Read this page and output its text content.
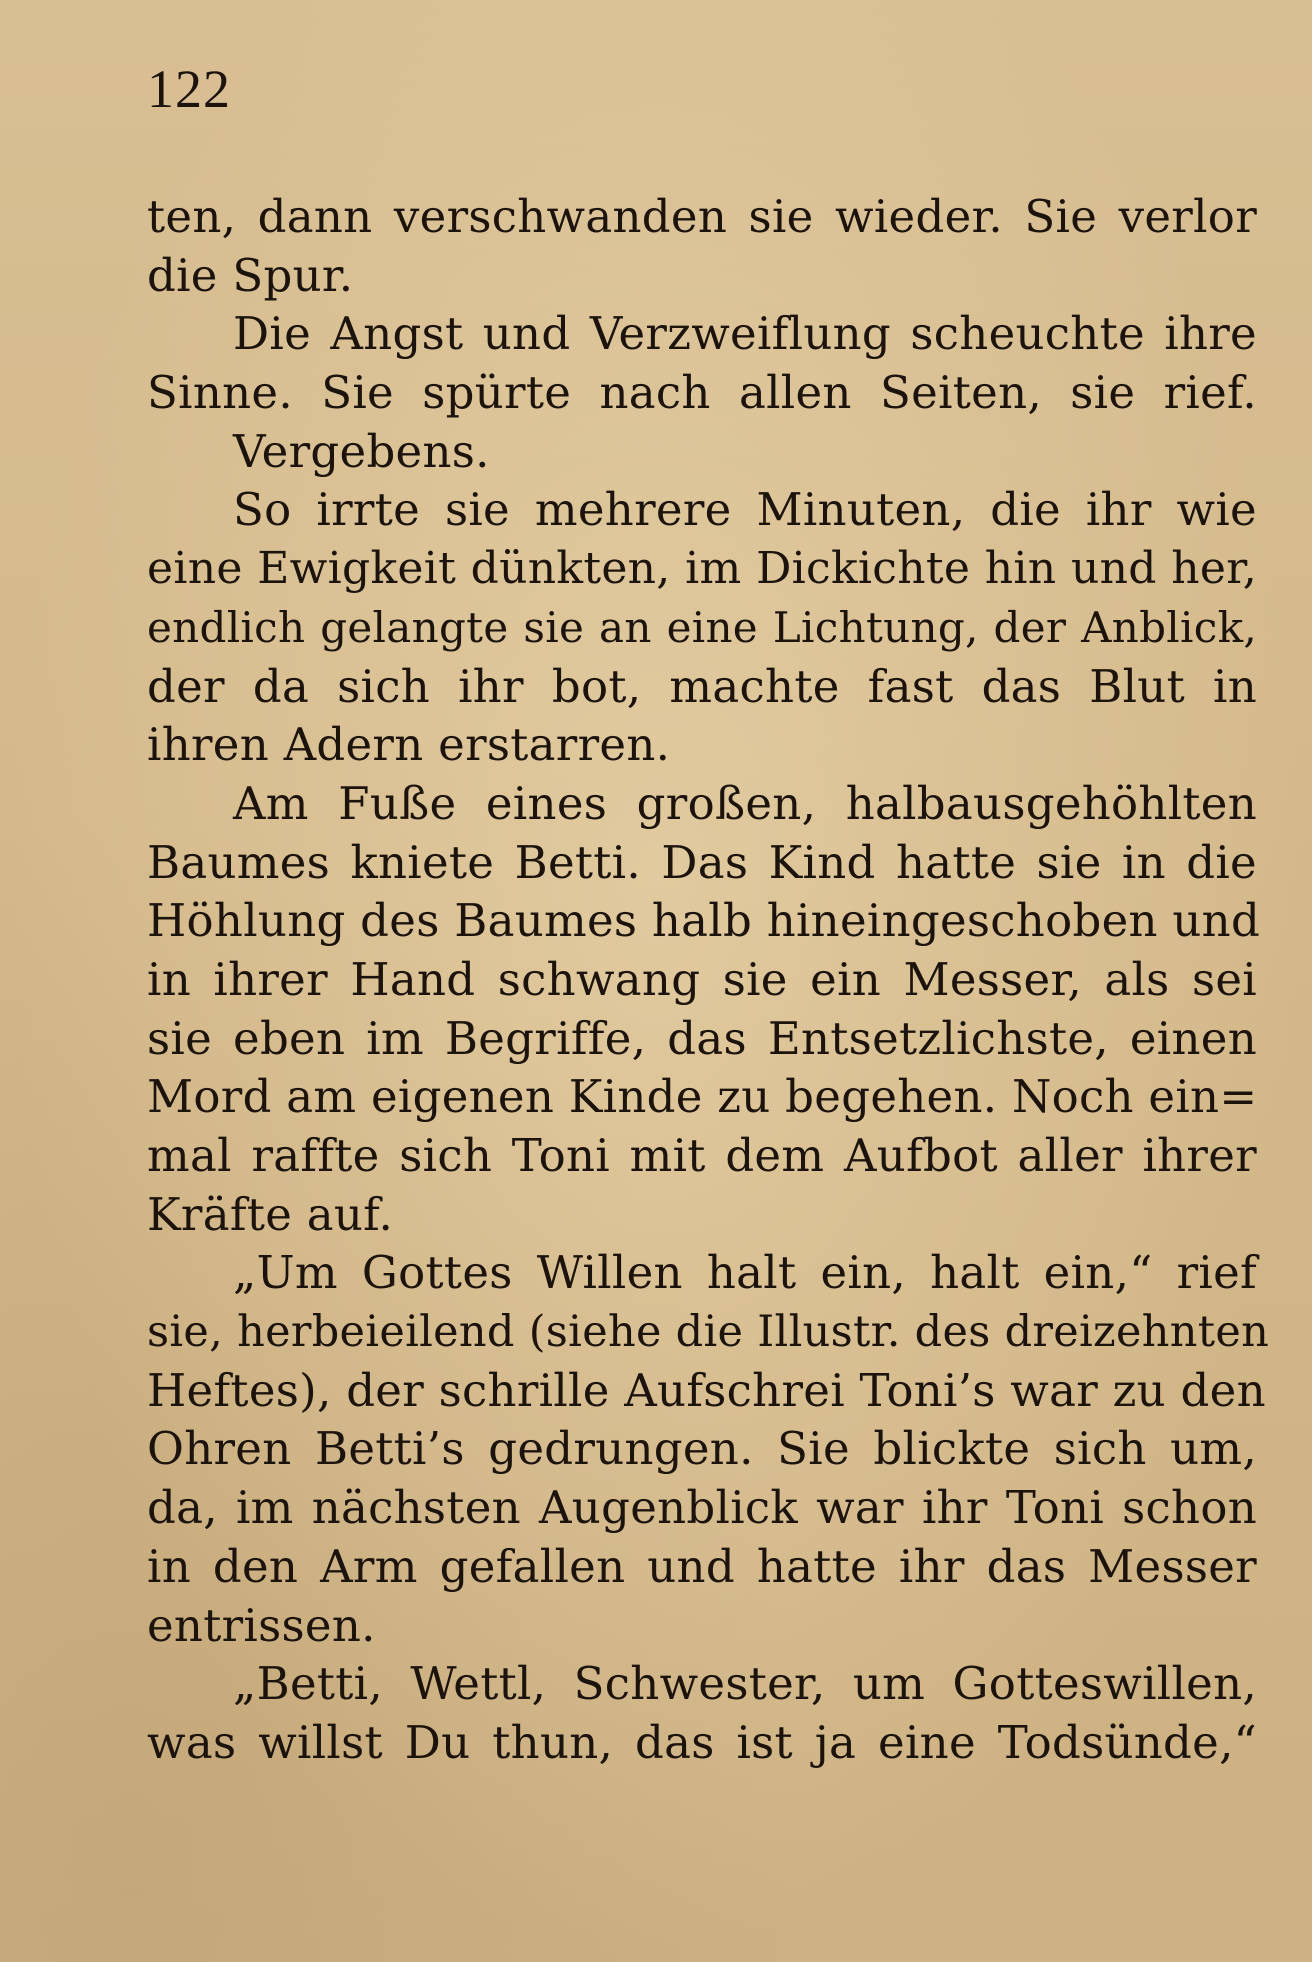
122
ten, dann verschwanden sie wieder. Sie verlor
die Spur.
Die Angst und Verzweiflung scheuchte ihre
Sinne. Sie spürte nach allen Seiten, sie rief.
Vergebens.
So irrte sie mehrere Minuten, die ihr wie
eine Ewigkeit dünkten, im Dickichte hin und her,
endlich gelangte sie an eine Lichtung, der Anblick,
der da sich ihr bot, machte fast das Blut in
ihren Adern erstarren.
Am Fuße eines großen, halbausgehöhlten
Baumes kniete Betti. Das Kind hatte sie in die
Höhlung des Baumes halb hineingeschoben und
in ihrer Hand schwang sie ein Messer, als sei
sie eben im Begriffe, das Entsetzlichste, einen
Mord am eigenen Kinde zu begehen. Noch ein=
mal raffte sich Toni mit dem Aufbot aller ihrer
Kräfte auf.
„Um Gottes Willen halt ein, halt ein,“ rief
sie, herbeieilend (siehe die Illustr. des dreizehnten
Heftes), der schrille Aufschrei Toni’s war zu den
Ohren Betti’s gedrungen. Sie blickte sich um,
da, im nächsten Augenblick war ihr Toni schon
in den Arm gefallen und hatte ihr das Messer
entrissen.
„Betti, Wettl, Schwester, um Gotteswillen,
was willst Du thun, das ist ja eine Todsünde,“
